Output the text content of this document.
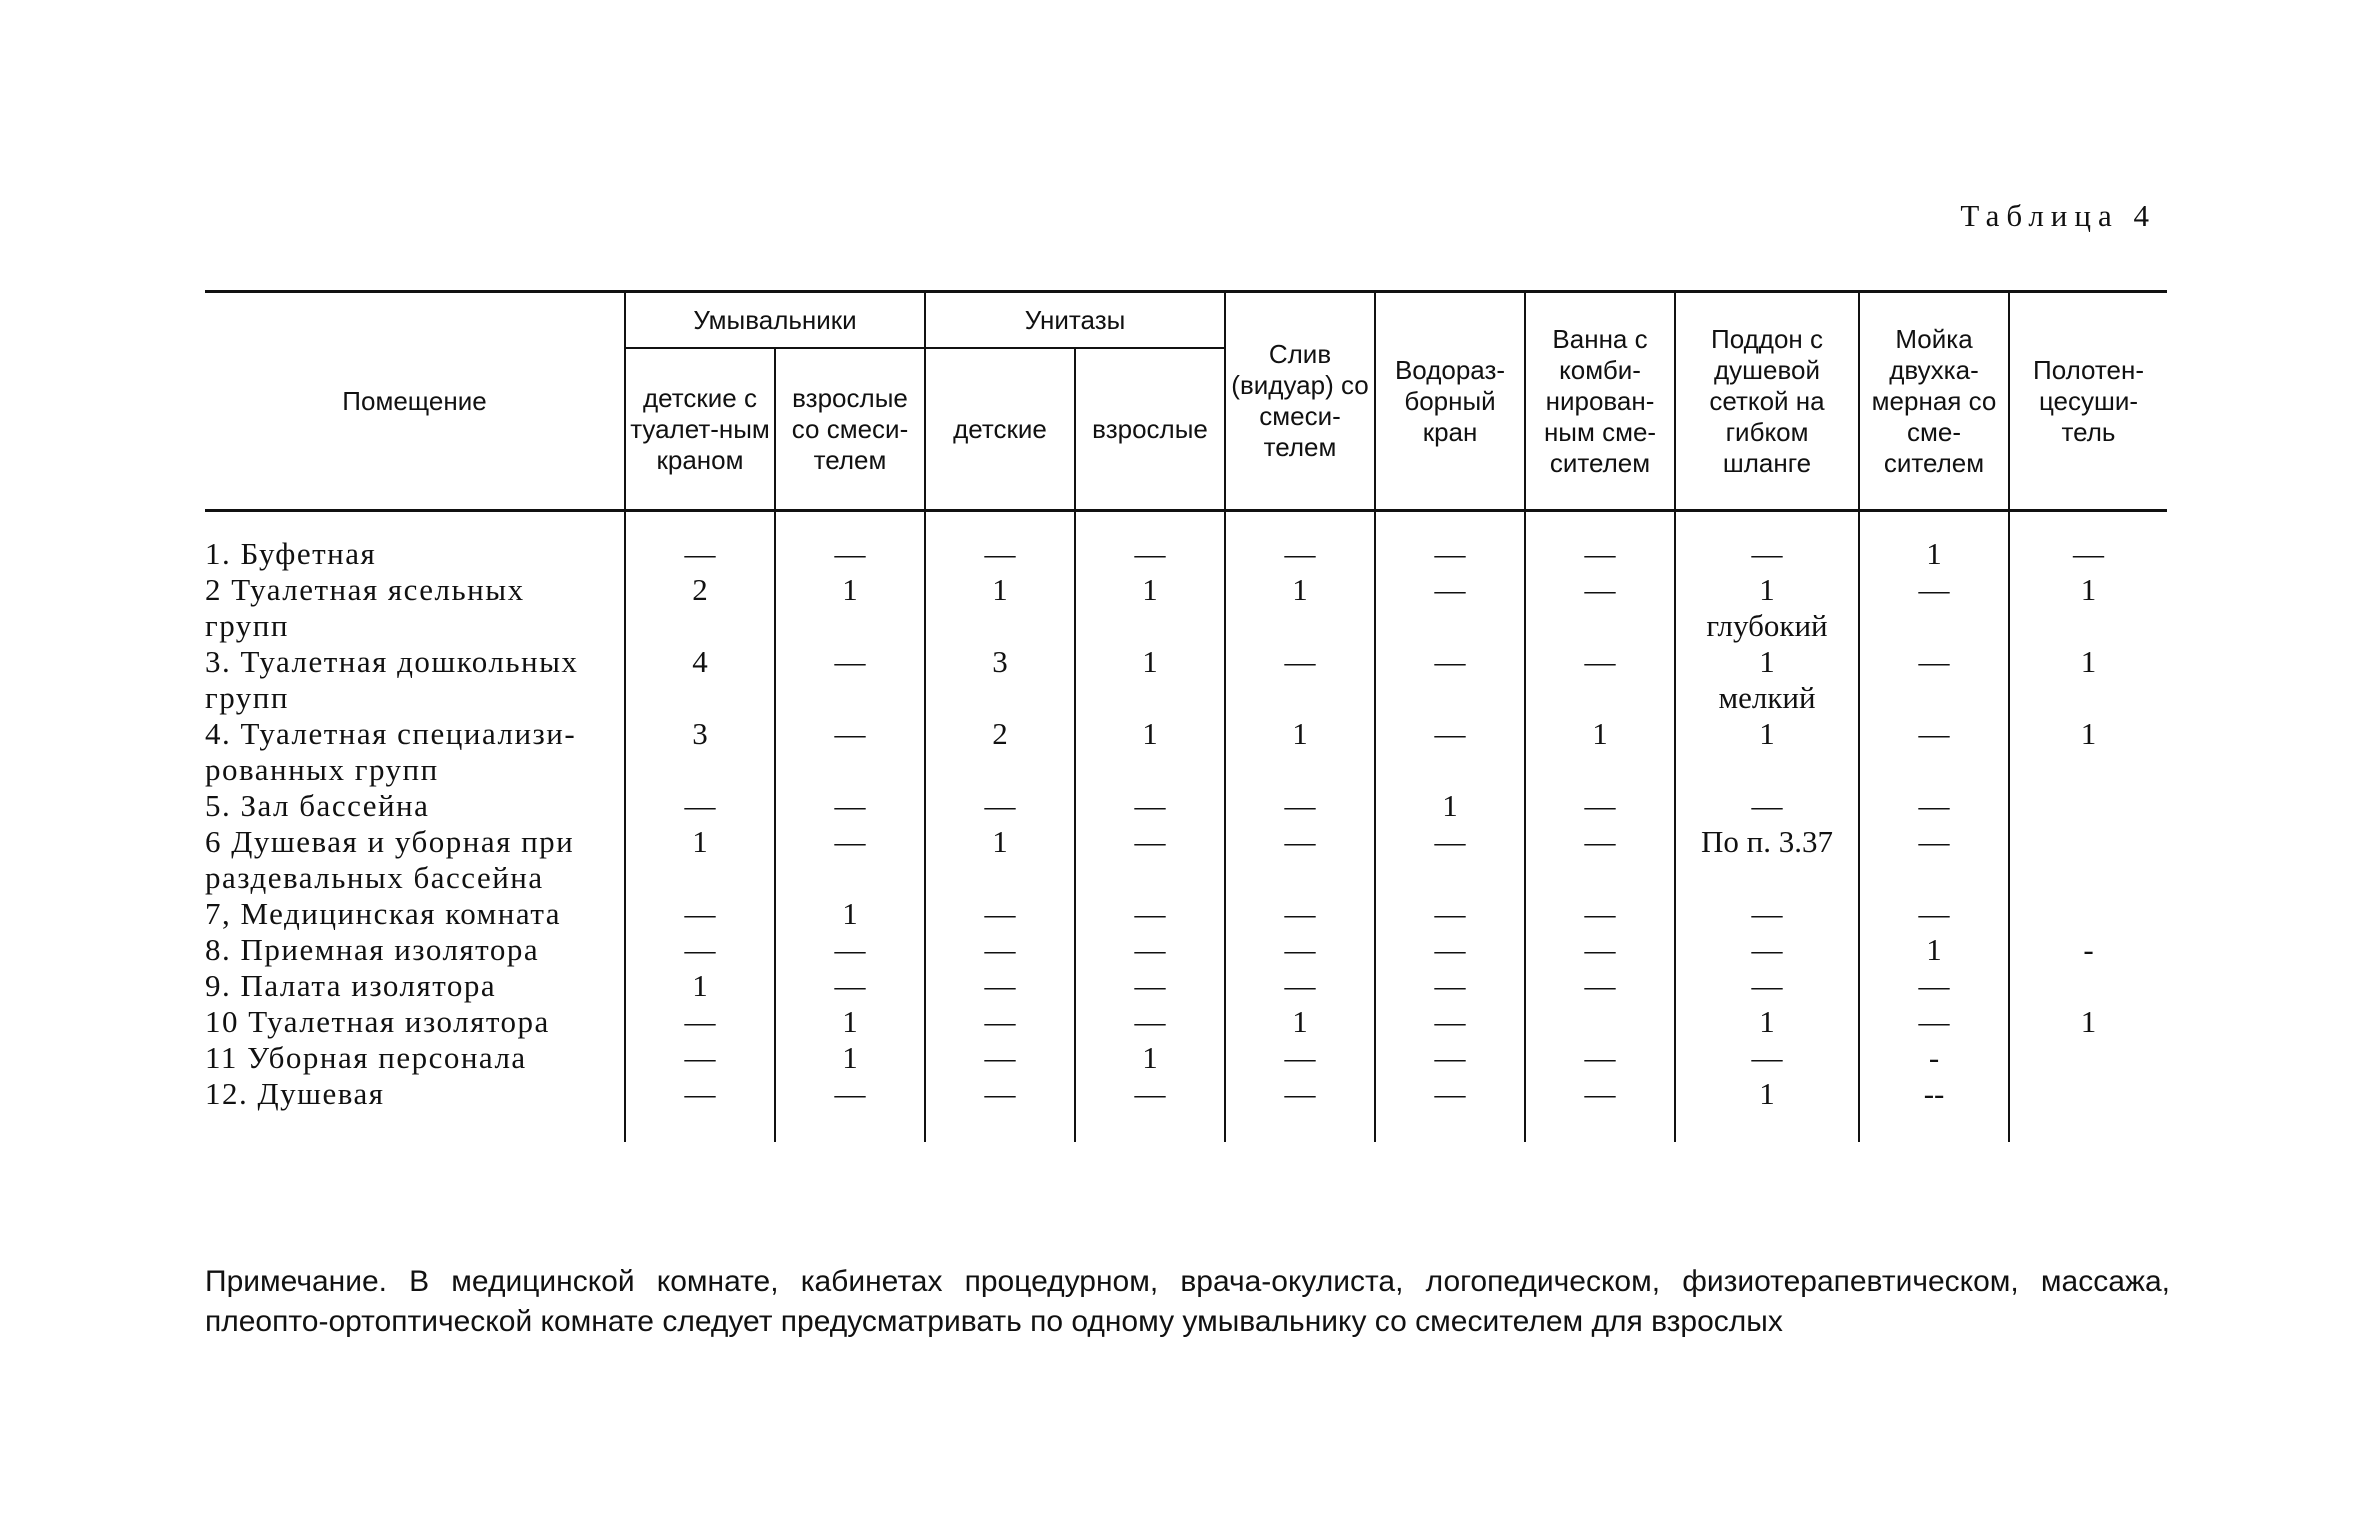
Таблица 4
Помещение	Умывальники		Унитазы		Слив (видуар) со смеси-телем	Водораз-борный кран	Ванна с комби-нирован-ным сме-сителем	Поддон с душевой сеткой на гибком шланге	Мойка двухка-мерная со сме-сителем	Полотен-цесуши-тель
	детские с туалет-ным краном	взрослые со смеси-телем	детские	взрослые						

1. Буфетная	—	—	—	—	—	—	—	—	1	—
2 Туалетная ясельных	2	1	1	1	1	—	—	1	—	1
групп								глубокий		
3. Туалетная дошкольных	4	—	3	1	—	—	—	1	—	1
групп								мелкий		
4. Туалетная специализи-	3	—	2	1	1	—	1	1	—	1
рованных групп										
5. Зал бассейна	—	—	—	—	—	1	—	—	—	
6 Душевая и уборная при	1	—	1	—	—	—	—	По п. 3.37	—	
раздевальных бассейна										
7, Медицинская комната	—	1	—	—	—	—	—	—	—	
8. Приемная изолятора	—	—	—	—	—	—	—	—	1	-
9. Палата изолятора	1	—	—	—	—	—	—	—	—	
10 Туалетная изолятора	—	1	—	—	1	—		1	—	1
11 Уборная персонала	—	1	—	1	—	—	—	—	-	
12. Душевая	—	—	—	—	—	—	—	1	--	
Примечание. В медицинской комнате, кабинетах процедурном, врача-окулиста, логопедическом, физиотерапевтическом, массажа, плеопто-ортоптической комнате следует предусматривать по одному умывальнику со смесителем для взрослых
